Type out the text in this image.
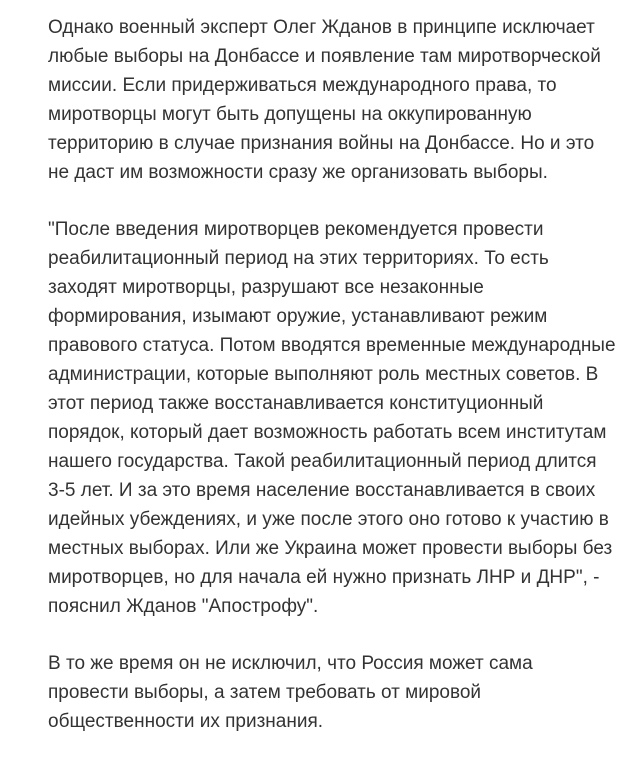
Однако военный эксперт Олег Жданов в принципе исключает
любые выборы на Донбассе и появление там миротворческой
миссии. Если придерживаться международного права, то
миротворцы могут быть допущены на оккупированную
территорию в случае признания войны на Донбассе. Но и это
не даст им возможности сразу же организовать выборы.

"После введения миротворцев рекомендуется провести
реабилитационный период на этих территориях. То есть
заходят миротворцы, разрушают все незаконные
формирования, изымают оружие, устанавливают режим
правового статуса. Потом вводятся временные международные
администрации, которые выполняют роль местных советов. В
этот период также восстанавливается конституционный
порядок, который дает возможность работать всем институтам
нашего государства. Такой реабилитационный период длится
3-5 лет. И за это время население восстанавливается в своих
идейных убеждениях, и уже после этого оно готово к участию в
местных выборах. Или же Украина может провести выборы без
миротворцев, но для начала ей нужно признать ЛНР и ДНР", -
пояснил Жданов "Апострофу".

В то же время он не исключил, что Россия может сама
провести выборы, а затем требовать от мировой
общественности их признания.
